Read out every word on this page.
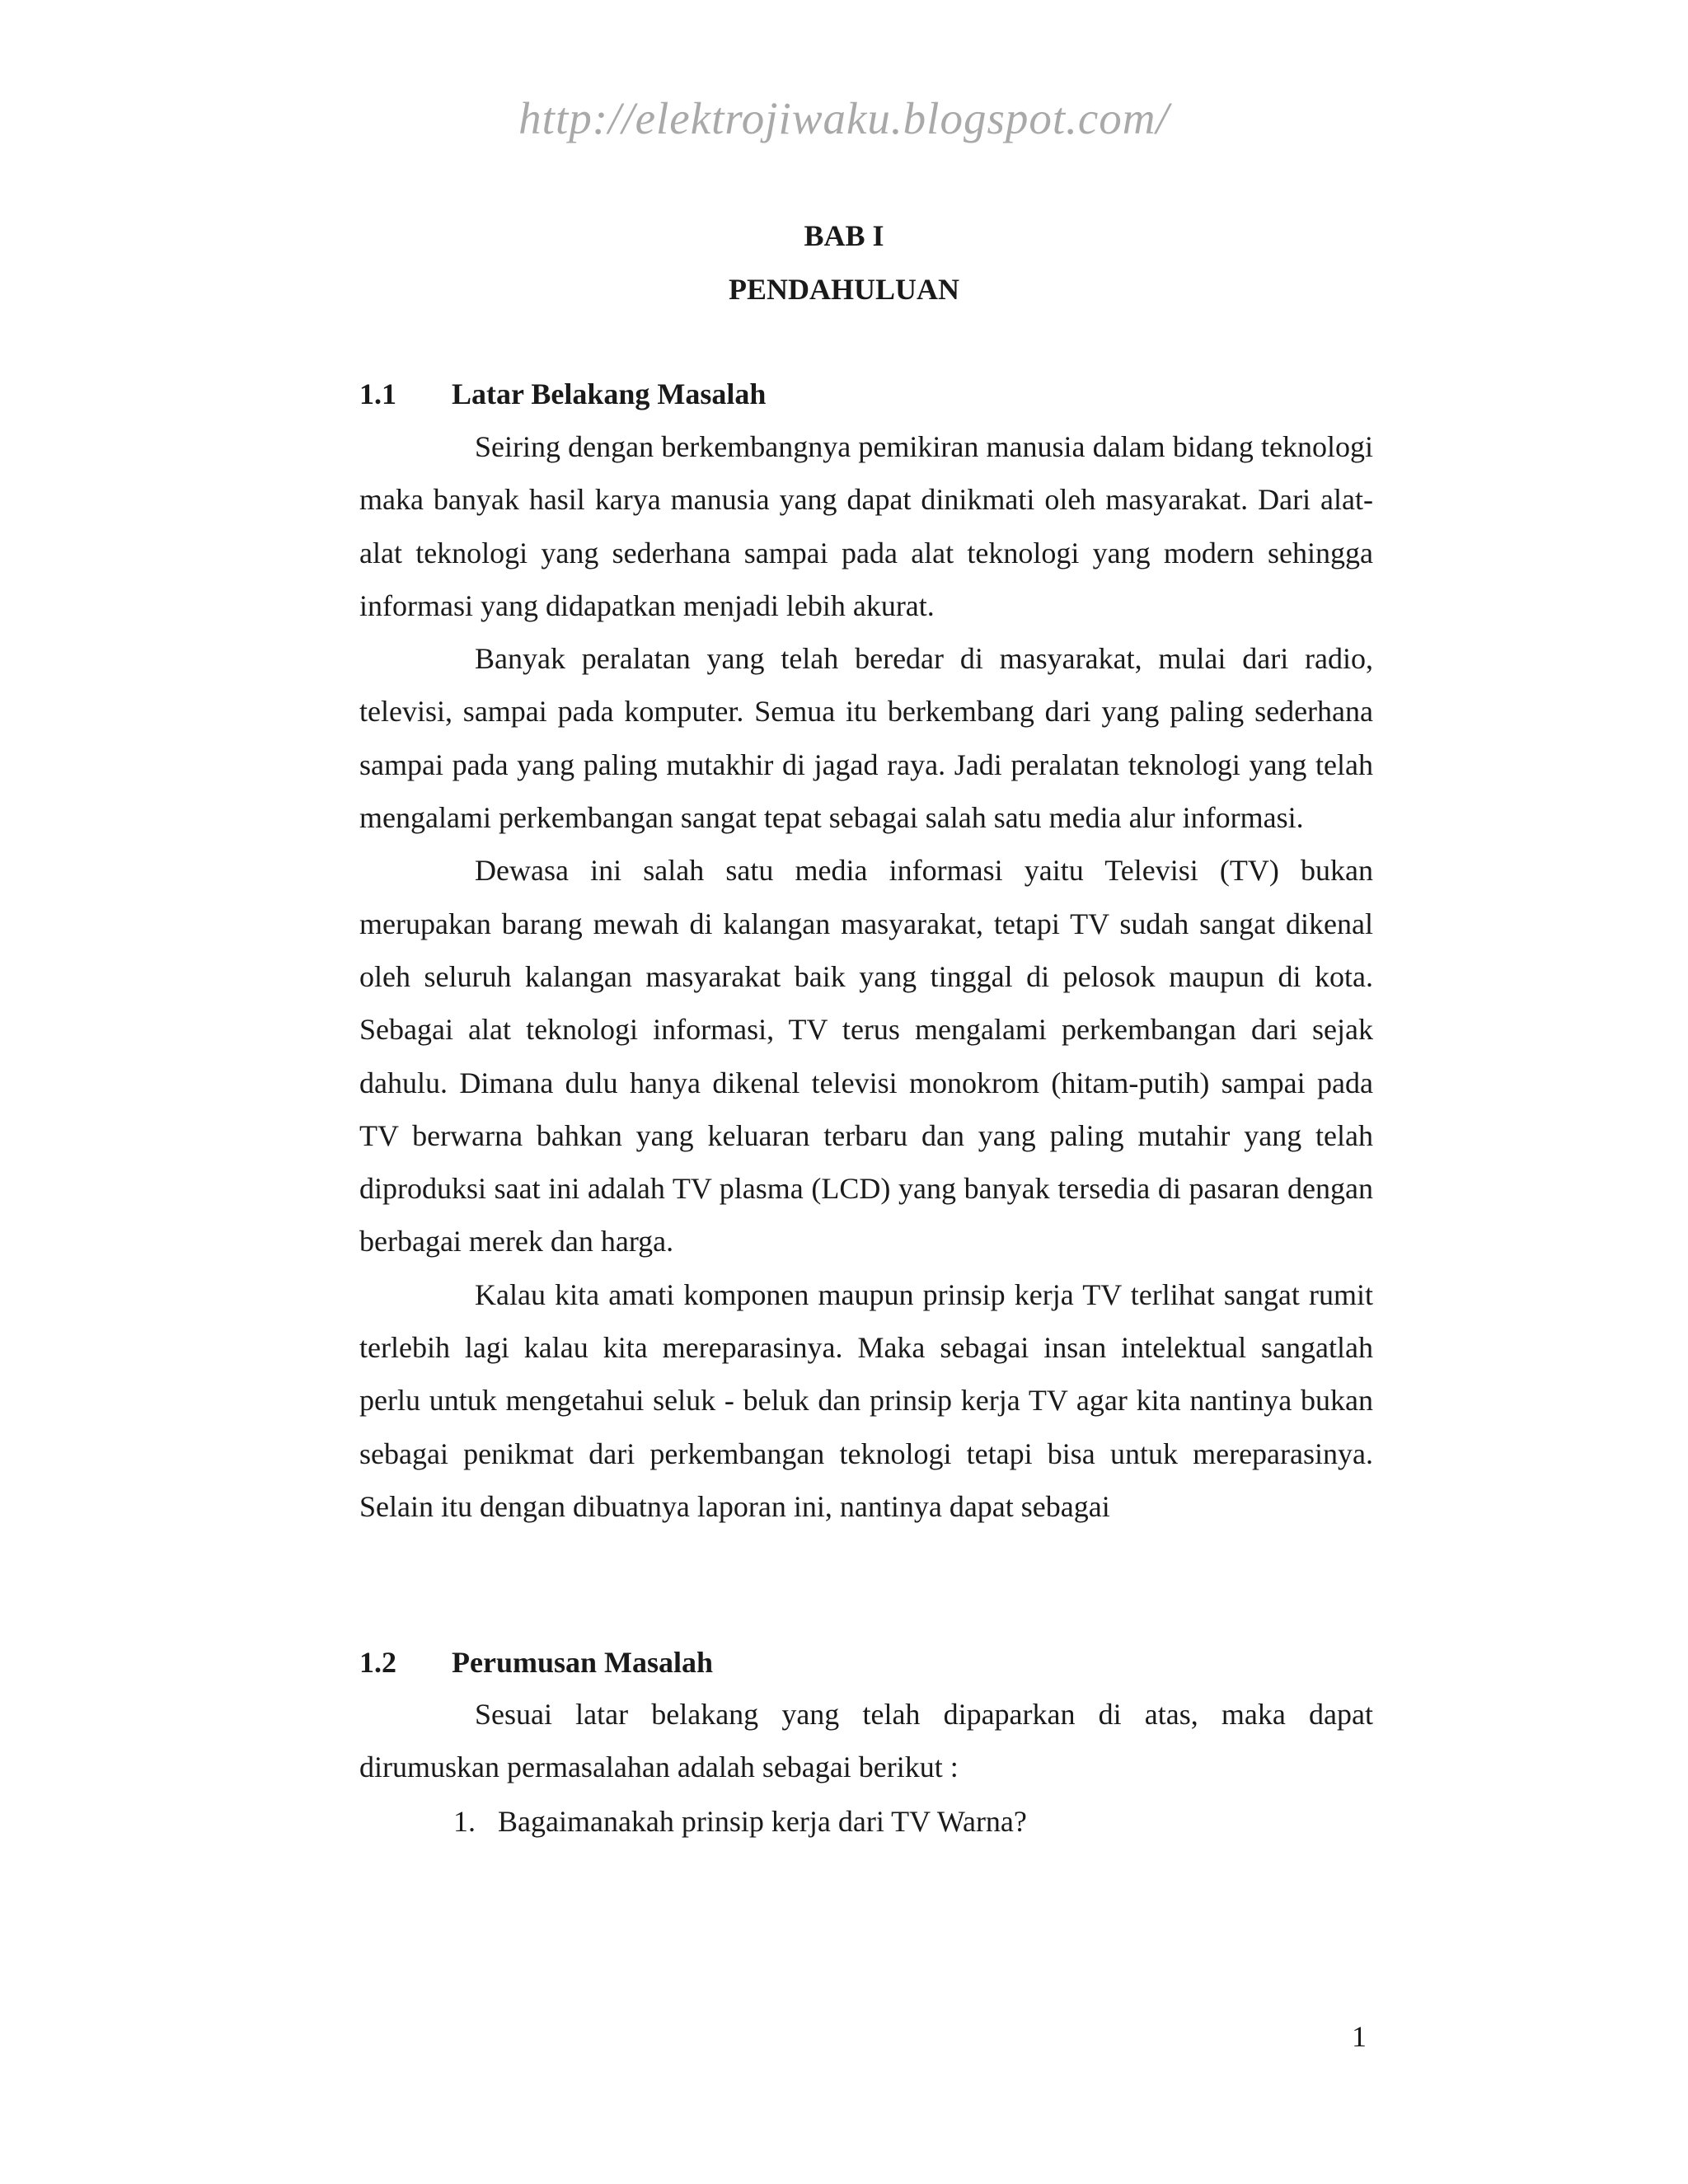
http://elektrojiwaku.blogspot.com/
BAB I
PENDAHULUAN
1.1 Latar Belakang Masalah

Seiring dengan berkembangnya pemikiran manusia dalam bidang teknologi maka banyak hasil karya manusia yang dapat dinikmati oleh masyarakat. Dari alat-alat teknologi yang sederhana sampai pada alat teknologi yang modern sehingga informasi yang didapatkan menjadi lebih akurat.

Banyak peralatan yang telah beredar di masyarakat, mulai dari radio, televisi, sampai pada komputer. Semua itu berkembang dari yang paling sederhana sampai pada yang paling mutakhir di jagad raya. Jadi peralatan teknologi yang telah mengalami perkembangan sangat tepat sebagai salah satu media alur informasi.

Dewasa ini salah satu media informasi yaitu Televisi (TV) bukan merupakan barang mewah di kalangan masyarakat, tetapi TV sudah sangat dikenal oleh seluruh kalangan masyarakat baik yang tinggal di pelosok maupun di kota. Sebagai alat teknologi informasi, TV terus mengalami perkembangan dari sejak dahulu. Dimana dulu hanya dikenal televisi monokrom (hitam-putih) sampai pada TV berwarna bahkan yang keluaran terbaru dan yang paling mutahir yang telah diproduksi saat ini adalah TV plasma (LCD) yang banyak tersedia di pasaran dengan berbagai merek dan harga.

Kalau kita amati komponen maupun prinsip kerja TV terlihat sangat rumit terlebih lagi kalau kita mereparasinya. Maka sebagai insan intelektual sangatlah perlu untuk mengetahui seluk - beluk dan prinsip kerja TV agar kita nantinya bukan sebagai penikmat dari perkembangan teknologi tetapi bisa untuk mereparasinya. Selain itu dengan dibuatnya laporan ini, nantinya dapat sebagai

1.2 Perumusan Masalah

Sesuai latar belakang yang telah dipaparkan di atas, maka dapat dirumuskan permasalahan adalah sebagai berikut :

1. Bagaimanakah prinsip kerja dari TV Warna?
1
